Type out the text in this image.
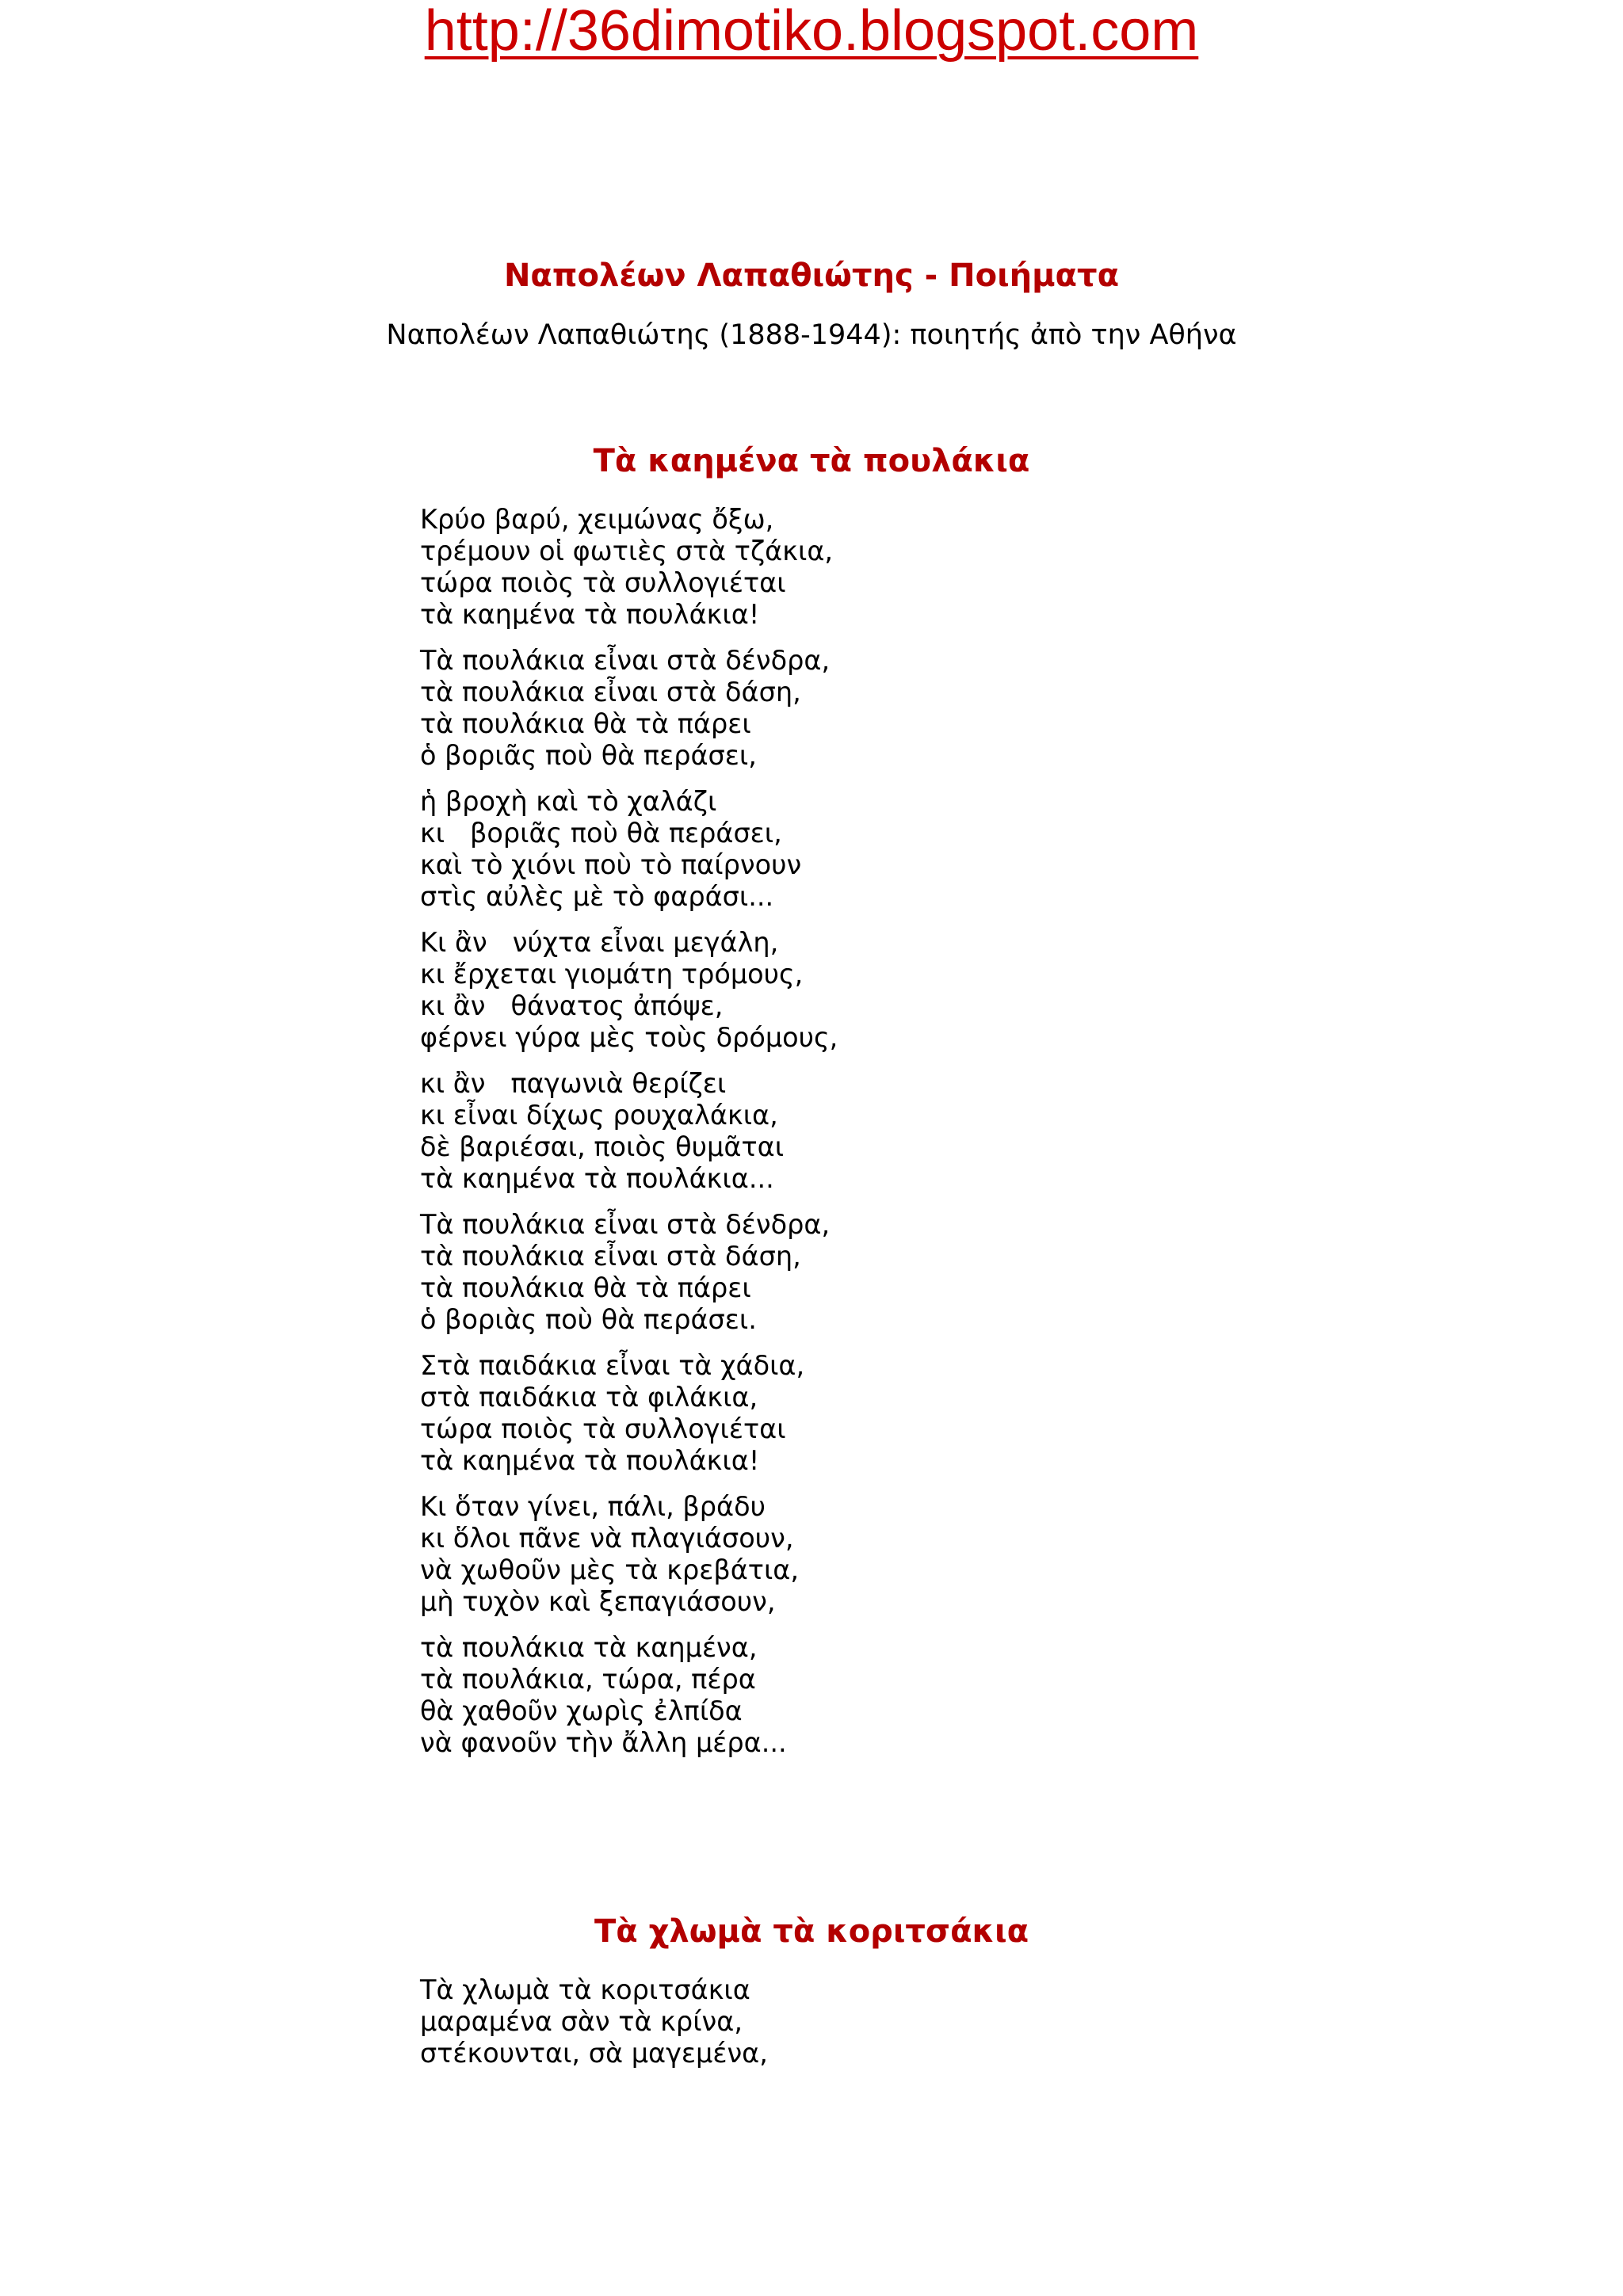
http://36dimotiko.blogspot.com
Ναπολέων Λαπαθιώτης - Ποιήματα
Ναπολέων Λαπαθιώτης (1888-1944): ποιητής ἀπὸ την Αθήνα
Τὰ καημένα τὰ πουλάκια
Κρύο βαρύ, χειμώνας ὄξω,
τρέμουν οἱ φωτιὲς στὰ τζάκια,
τώρα ποιὸς τὰ συλλογιέται
τὰ καημένα τὰ πουλάκια!
Τὰ πουλάκια εἶναι στὰ δένδρα,
τὰ πουλάκια εἶναι στὰ δάση,
τὰ πουλάκια θὰ τὰ πάρει
ὁ βοριᾶς ποὺ θὰ περάσει,
ἡ βροχὴ καὶ τὸ χαλάζι
κι   βοριᾶς ποὺ θὰ περάσει,
καὶ τὸ χιόνι ποὺ τὸ παίρνουν
στὶς αὐλὲς μὲ τὸ φαράσι...
Κι ἂν   νύχτα εἶναι μεγάλη,
κι ἔρχεται γιομάτη τρόμους,
κι ἂν   θάνατος ἀπόψε,
φέρνει γύρα μὲς τοὺς δρόμους,
κι ἂν   παγωνιὰ θερίζει
κι εἶναι δίχως ρουχαλάκια,
δὲ βαριέσαι, ποιὸς θυμᾶται
τὰ καημένα τὰ πουλάκια...
Τὰ πουλάκια εἶναι στὰ δένδρα,
τὰ πουλάκια εἶναι στὰ δάση,
τὰ πουλάκια θὰ τὰ πάρει
ὁ βοριὰς ποὺ θὰ περάσει.
Στὰ παιδάκια εἶναι τὰ χάδια,
στὰ παιδάκια τὰ φιλάκια,
τώρα ποιὸς τὰ συλλογιέται
τὰ καημένα τὰ πουλάκια!
Κι ὅταν γίνει, πάλι, βράδυ
κι ὅλοι πᾶνε νὰ πλαγιάσουν,
νὰ χωθοῦν μὲς τὰ κρεβάτια,
μὴ τυχὸν καὶ ξεπαγιάσουν,
τὰ πουλάκια τὰ καημένα,
τὰ πουλάκια, τώρα, πέρα
θὰ χαθοῦν χωρὶς ἐλπίδα
νὰ φανοῦν τὴν ἄλλη μέρα...
Τὰ χλωμὰ τὰ κοριτσάκια
Τὰ χλωμὰ τὰ κοριτσάκια
μαραμένα σὰν τὰ κρίνα,
στέκουνται, σὰ μαγεμένα,
